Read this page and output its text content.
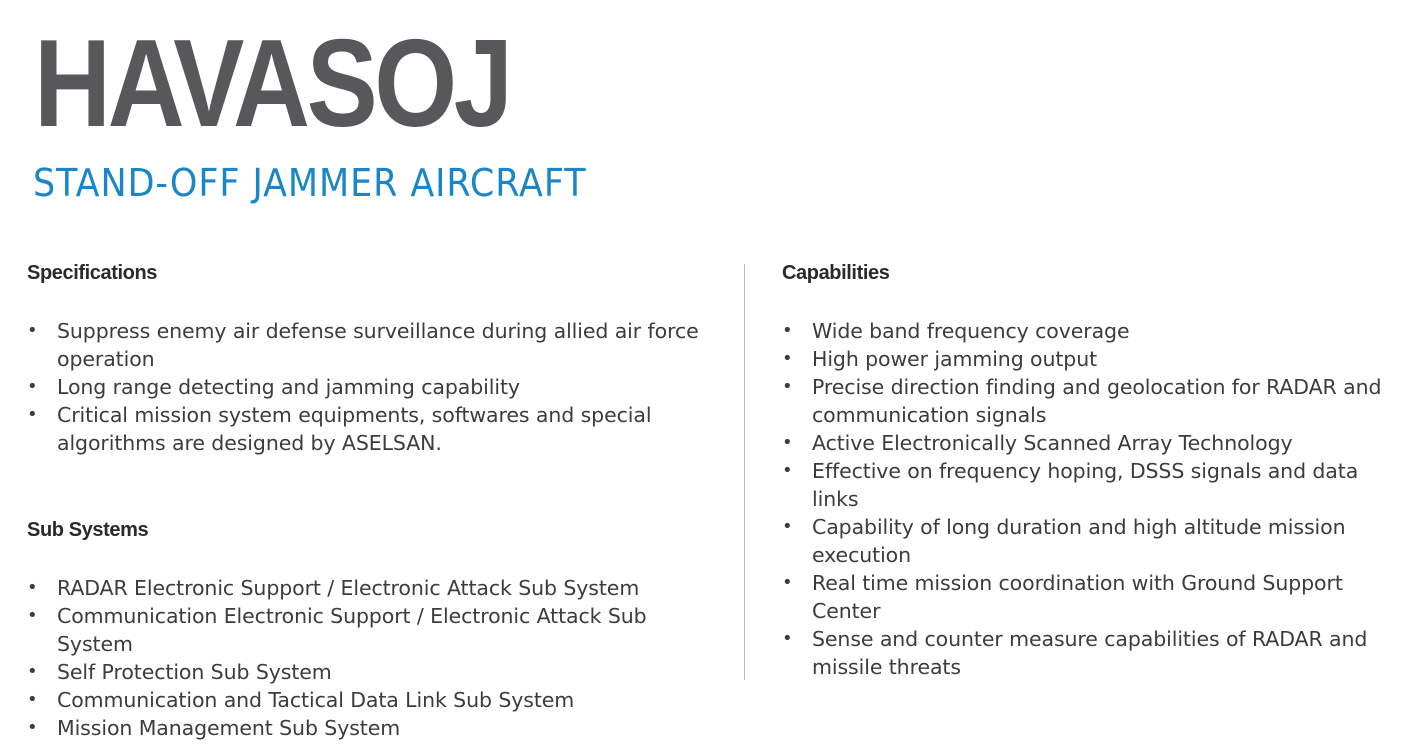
HAVASOJ
STAND-OFF JAMMER AIRCRAFT
Specifications
• Suppress enemy air defense surveillance during allied air force operation
• Long range detecting and jamming capability
• Critical mission system equipments, softwares and special algorithms are designed by ASELSAN.
Sub Systems
• RADAR Electronic Support / Electronic Attack Sub System
• Communication Electronic Support / Electronic Attack Sub System
• Self Protection Sub System
• Communication and Tactical Data Link Sub System
• Mission Management Sub System
Capabilities
• Wide band frequency coverage
• High power jamming output
• Precise direction finding and geolocation for RADAR and communication signals
• Active Electronically Scanned Array Technology
• Effective on frequency hoping, DSSS signals and data links
• Capability of long duration and high altitude mission execution
• Real time mission coordination with Ground Support Center
• Sense and counter measure capabilities of RADAR and missile threats
